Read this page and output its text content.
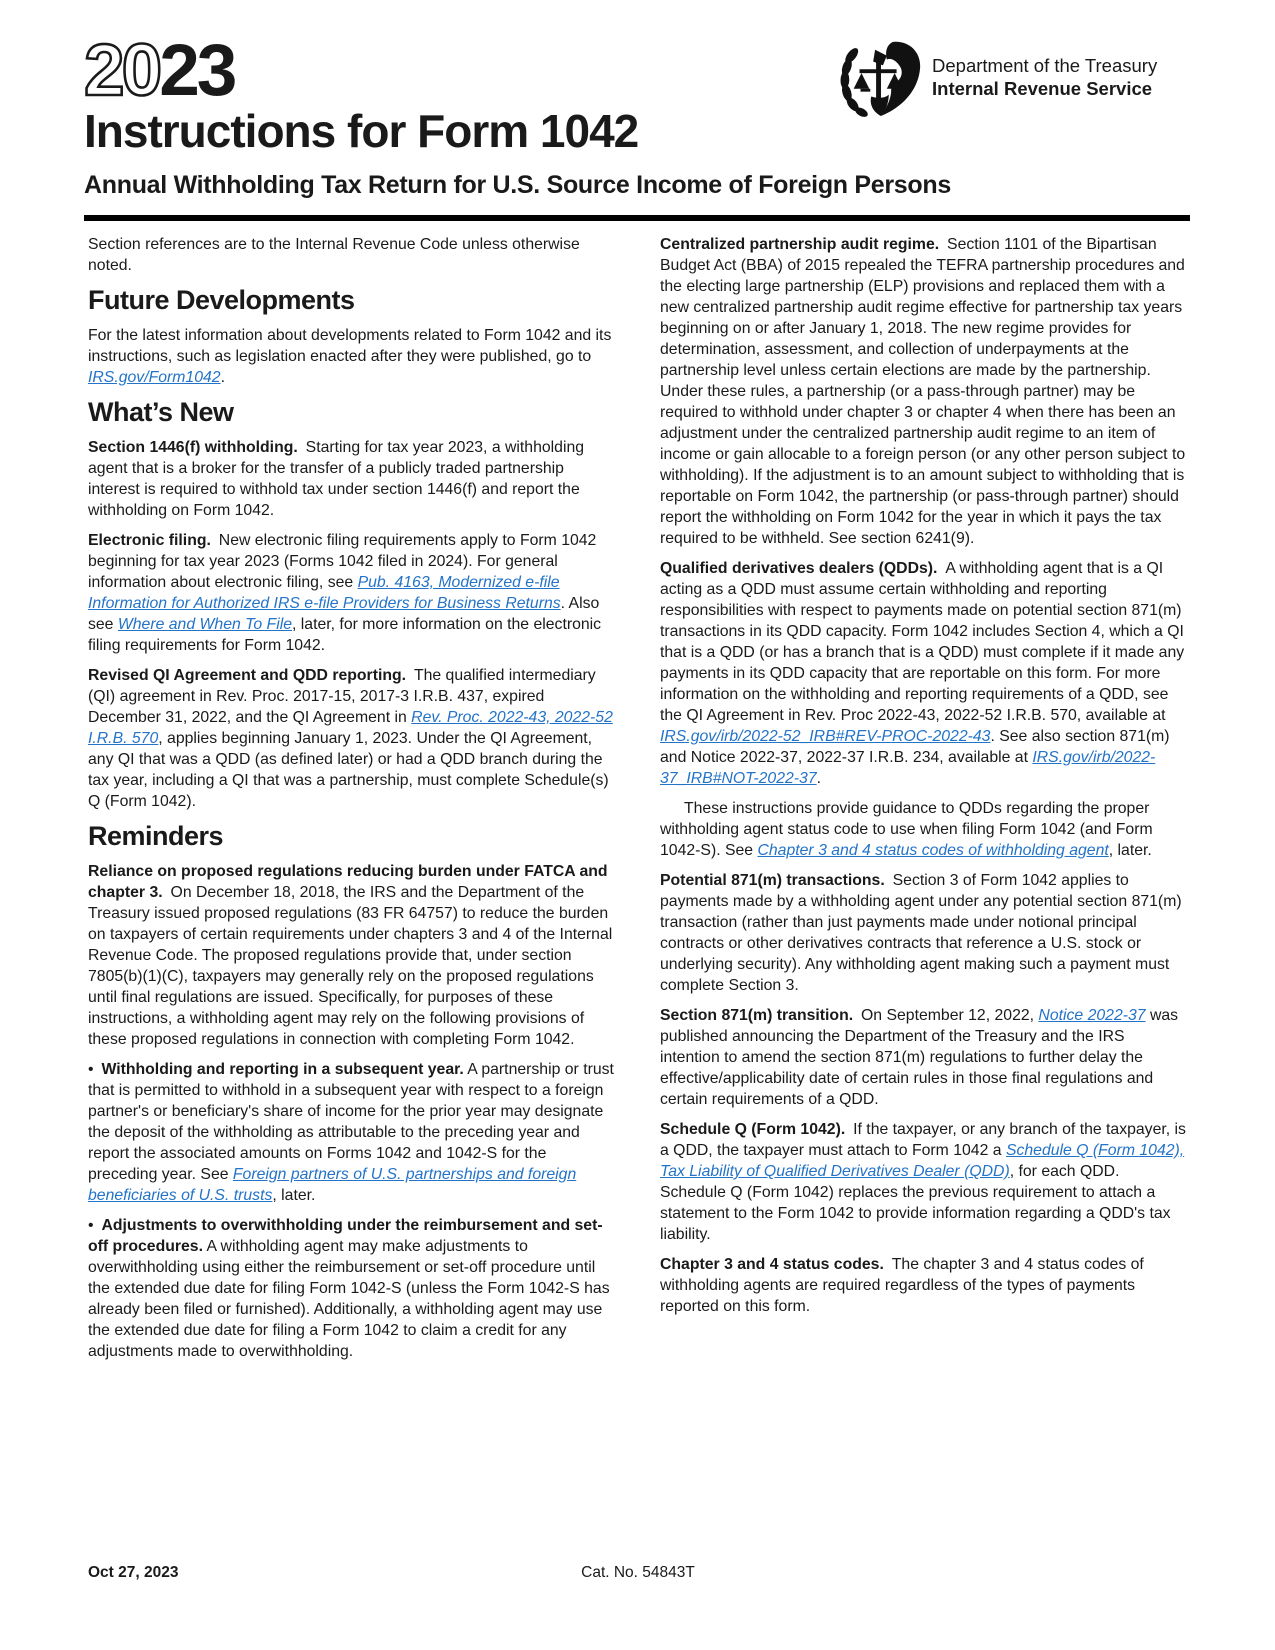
2023	Department of the Treasury
Internal Revenue Service
Instructions for Form 1042
Annual Withholding Tax Return for U.S. Source Income of Foreign Persons

Section references are to the Internal Revenue Code unless otherwise noted.

Future Developments

For the latest information about developments related to Form 1042 and its instructions, such as legislation enacted after they were published, go to IRS.gov/Form1042.

What’s New

Section 1446(f) withholding. Starting for tax year 2023, a withholding agent that is a broker for the transfer of a publicly traded partnership interest is required to withhold tax under section 1446(f) and report the withholding on Form 1042.

Electronic filing. New electronic filing requirements apply to Form 1042 beginning for tax year 2023 (Forms 1042 filed in 2024). For general information about electronic filing, see Pub. 4163, Modernized e-file Information for Authorized IRS e-file Providers for Business Returns. Also see Where and When To File, later, for more information on the electronic filing requirements for Form 1042.

Revised QI Agreement and QDD reporting. The qualified intermediary (QI) agreement in Rev. Proc. 2017-15, 2017-3 I.R.B. 437, expired December 31, 2022, and the QI Agreement in Rev. Proc. 2022-43, 2022-52 I.R.B. 570, applies beginning January 1, 2023. Under the QI Agreement, any QI that was a QDD (as defined later) or had a QDD branch during the tax year, including a QI that was a partnership, must complete Schedule(s) Q (Form 1042).

Reminders

Reliance on proposed regulations reducing burden under FATCA and chapter 3. On December 18, 2018, the IRS and the Department of the Treasury issued proposed regulations (83 FR 64757) to reduce the burden on taxpayers of certain requirements under chapters 3 and 4 of the Internal Revenue Code. The proposed regulations provide that, under section 7805(b)(1)(C), taxpayers may generally rely on the proposed regulations until final regulations are issued. Specifically, for purposes of these instructions, a withholding agent may rely on the following provisions of these proposed regulations in connection with completing Form 1042.

• Withholding and reporting in a subsequent year. A partnership or trust that is permitted to withhold in a subsequent year with respect to a foreign partner's or beneficiary's share of income for the prior year may designate the deposit of the withholding as attributable to the preceding year and report the associated amounts on Forms 1042 and 1042-S for the preceding year. See Foreign partners of U.S. partnerships and foreign beneficiaries of U.S. trusts, later.

• Adjustments to overwithholding under the reimbursement and set-off procedures. A withholding agent may make adjustments to overwithholding using either the reimbursement or set-off procedure until the extended due date for filing Form 1042-S (unless the Form 1042-S has already been filed or furnished). Additionally, a withholding agent may use the extended due date for filing a Form 1042 to claim a credit for any adjustments made to overwithholding.

Centralized partnership audit regime. Section 1101 of the Bipartisan Budget Act (BBA) of 2015 repealed the TEFRA partnership procedures and the electing large partnership (ELP) provisions and replaced them with a new centralized partnership audit regime effective for partnership tax years beginning on or after January 1, 2018. The new regime provides for determination, assessment, and collection of underpayments at the partnership level unless certain elections are made by the partnership. Under these rules, a partnership (or a pass-through partner) may be required to withhold under chapter 3 or chapter 4 when there has been an adjustment under the centralized partnership audit regime to an item of income or gain allocable to a foreign person (or any other person subject to withholding). If the adjustment is to an amount subject to withholding that is reportable on Form 1042, the partnership (or pass-through partner) should report the withholding on Form 1042 for the year in which it pays the tax required to be withheld. See section 6241(9).

Qualified derivatives dealers (QDDs). A withholding agent that is a QI acting as a QDD must assume certain withholding and reporting responsibilities with respect to payments made on potential section 871(m) transactions in its QDD capacity. Form 1042 includes Section 4, which a QI that is a QDD (or has a branch that is a QDD) must complete if it made any payments in its QDD capacity that are reportable on this form. For more information on the withholding and reporting requirements of a QDD, see the QI Agreement in Rev. Proc 2022-43, 2022-52 I.R.B. 570, available at IRS.gov/irb/2022-52_IRB#REV-PROC-2022-43. See also section 871(m) and Notice 2022-37, 2022-37 I.R.B. 234, available at IRS.gov/irb/2022-37_IRB#NOT-2022-37.

These instructions provide guidance to QDDs regarding the proper withholding agent status code to use when filing Form 1042 (and Form 1042-S). See Chapter 3 and 4 status codes of withholding agent, later.

Potential 871(m) transactions. Section 3 of Form 1042 applies to payments made by a withholding agent under any potential section 871(m) transaction (rather than just payments made under notional principal contracts or other derivatives contracts that reference a U.S. stock or underlying security). Any withholding agent making such a payment must complete Section 3.

Section 871(m) transition. On September 12, 2022, Notice 2022-37 was published announcing the Department of the Treasury and the IRS intention to amend the section 871(m) regulations to further delay the effective/applicability date of certain rules in those final regulations and certain requirements of a QDD.

Schedule Q (Form 1042). If the taxpayer, or any branch of the taxpayer, is a QDD, the taxpayer must attach to Form 1042 a Schedule Q (Form 1042), Tax Liability of Qualified Derivatives Dealer (QDD), for each QDD. Schedule Q (Form 1042) replaces the previous requirement to attach a statement to the Form 1042 to provide information regarding a QDD's tax liability.

Chapter 3 and 4 status codes. The chapter 3 and 4 status codes of withholding agents are required regardless of the types of payments reported on this form.

Oct 27, 2023	Cat. No. 54843T
